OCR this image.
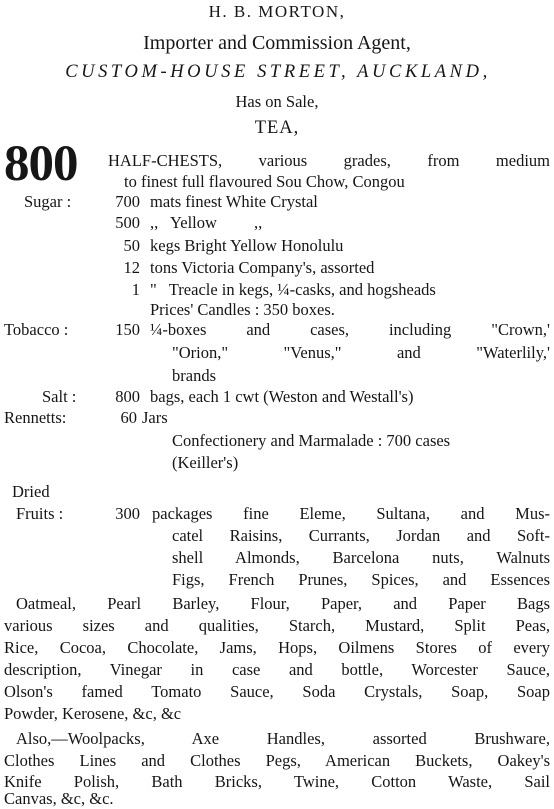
H. B. MORTON,
Importer and Commission Agent,
CUSTOM-HOUSE STREET, AUCKLAND,
Has on Sale,
TEA,
800 HALF-CHESTS, various grades, from medium
to finest full flavoured Sou Chow, Congou
Sugar :	700 mats finest White Crystal
500 ,,   Yellow         ,,
50 kegs Bright Yellow Honolulu
12 tons Victoria Company's, assorted
1 "   Treacle in kegs, ¼-casks, and hogsheads
Prices' Candles : 350 boxes.
Tobacco :	150 ¼-boxes and cases, including "Crown,'
"Orion,"  "Venus,"  and  "Waterlily,'
brands
Salt :	800 bags, each 1 cwt (Weston and Westall's)
Rennetts:	60 Jars
Confectionery and Marmalade : 700 cases
(Keiller's)
Dried
Fruits :	300 packages fine Eleme, Sultana, and Mus-
catel Raisins, Currants, Jordan and Soft-
shell Almonds, Barcelona nuts, Walnuts
Figs, French Prunes, Spices, and Essences
Oatmeal, Pearl Barley, Flour, Paper, and Paper Bags
various sizes and qualities, Starch, Mustard, Split Peas,
Rice, Cocoa, Chocolate, Jams, Hops, Oilmens Stores of every
description, Vinegar in case and bottle, Worcester Sauce,
Olson's famed Tomato Sauce, Soda Crystals, Soap, Soap
Powder, Kerosene, &c, &c
Also,—Woolpacks, Axe Handles, assorted Brushware,
Clothes Lines and Clothes Pegs, American Buckets, Oakey's
Knife Polish, Bath Bricks, Twine, Cotton Waste, Sail
Canvas, &c, &c.
